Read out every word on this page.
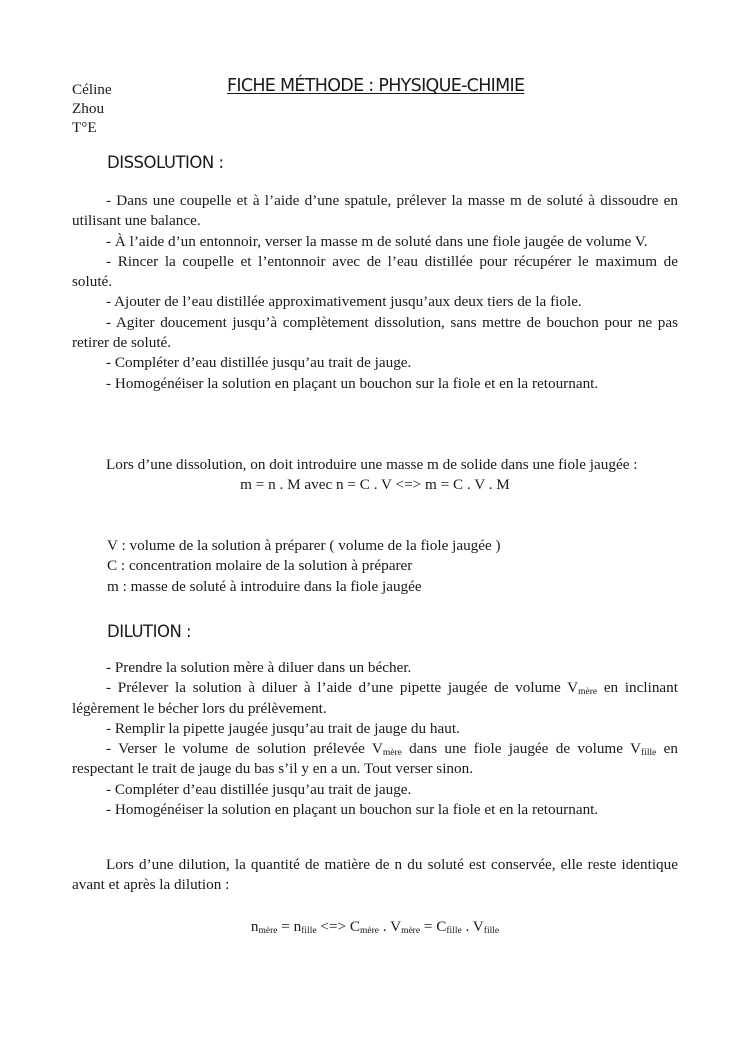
Céline
Zhou
T°E
FICHE MÉTHODE : PHYSIQUE-CHIMIE
DISSOLUTION :

- Dans une coupelle et à l’aide d’une spatule, prélever la masse m de soluté à dissoudre en utilisant une balance.

- À l’aide d’un entonnoir, verser la masse m de soluté dans une fiole jaugée de volume V.

- Rincer la coupelle et l’entonnoir avec de l’eau distillée pour récupérer le maximum de soluté.

- Ajouter de l’eau distillée approximativement jusqu’aux deux tiers de la fiole.

- Agiter doucement jusqu’à complètement dissolution, sans mettre de bouchon pour ne pas retirer de soluté.

- Compléter d’eau distillée jusqu’au trait de jauge.

- Homogénéiser la solution en plaçant un bouchon sur la fiole et en la retournant.

Lors d’une dissolution, on doit introduire une masse m de solide dans une fiole jaugée :

m = n . M avec n = C . V <=> m = C . V . M

V : volume de la solution à préparer ( volume de la fiole jaugée )
C : concentration molaire de la solution à préparer
m : masse de soluté à introduire dans la fiole jaugée
DILUTION :

- Prendre la solution mère à diluer dans un bécher.

- Prélever la solution à diluer à l’aide d’une pipette jaugée de volume $V_{mère}$ en inclinant légèrement le bécher lors du prélèvement.

- Remplir la pipette jaugée jusqu’au trait de jauge du haut.

- Verser le volume de solution prélevée $V_{mère}$ dans une fiole jaugée de volume $V_{fille}$ en respectant le trait de jauge du bas s’il y en a un. Tout verser sinon.

- Compléter d’eau distillée jusqu’au trait de jauge.

- Homogénéiser la solution en plaçant un bouchon sur la fiole et en la retournant.

Lors d’une dilution, la quantité de matière de n du soluté est conservée, elle reste identique avant et après la dilution :

$n_{mère} = n_{fille}$ <=> $C_{mère}$ . $V_{mère} = C_{fille}$ . $V_{fille}$
